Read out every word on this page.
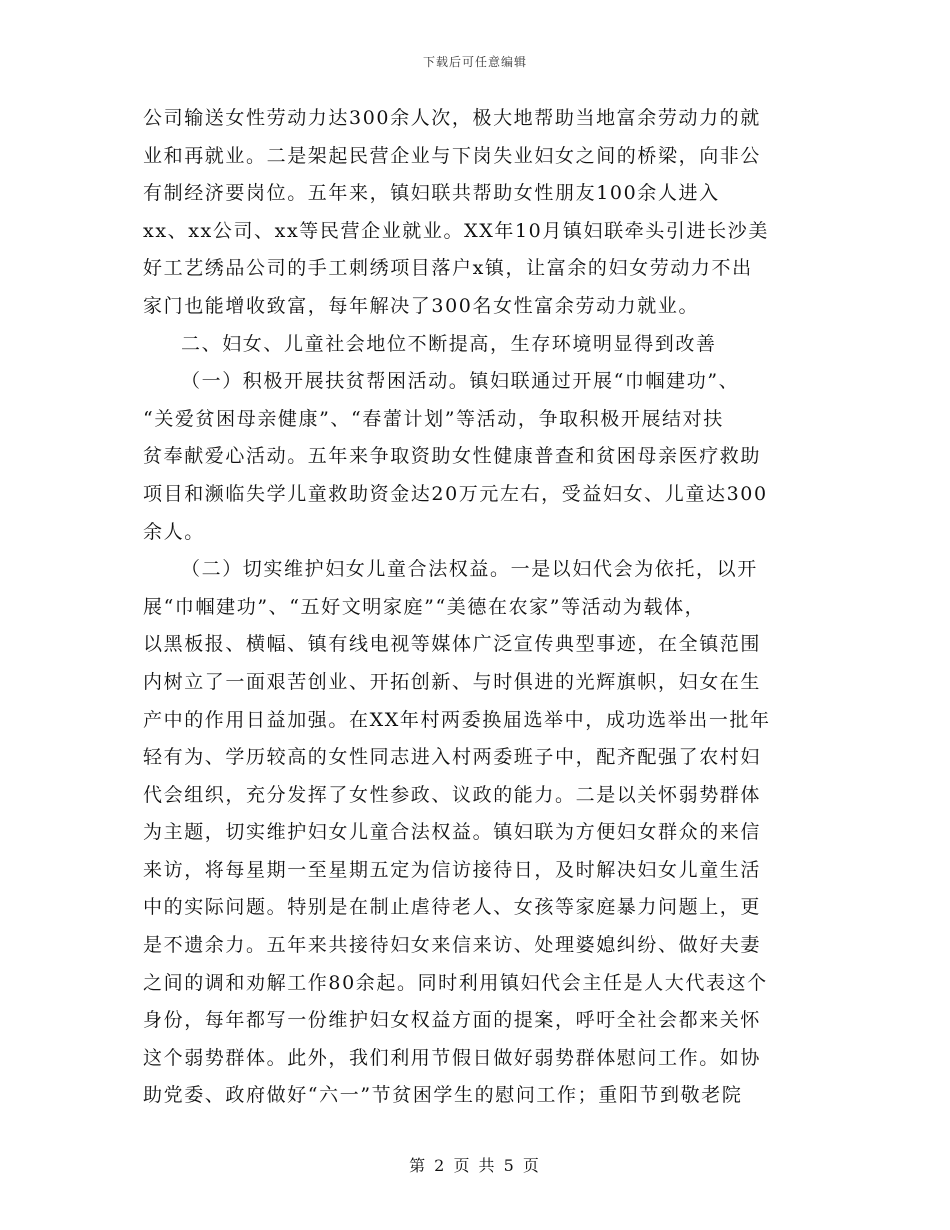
下载后可任意编辑
公司输送女性劳动力达300余人次，极大地帮助当地富余劳动力的就
业和再就业。二是架起民营企业与下岗失业妇女之间的桥梁，向非公
有制经济要岗位。五年来，镇妇联共帮助女性朋友100余人进入
xx、xx公司、xx等民营企业就业。XX年10月镇妇联牵头引进长沙美
好工艺绣品公司的手工刺绣项目落户x镇，让富余的妇女劳动力不出
家门也能增收致富，每年解决了300名女性富余劳动力就业。
二、妇女、儿童社会地位不断提高，生存环境明显得到改善
（一）积极开展扶贫帮困活动。镇妇联通过开展“巾帼建功”、
“关爱贫困母亲健康”、“春蕾计划”等活动，争取积极开展结对扶
贫奉献爱心活动。五年来争取资助女性健康普查和贫困母亲医疗救助
项目和濒临失学儿童救助资金达20万元左右，受益妇女、儿童达300
余人。
（二）切实维护妇女儿童合法权益。一是以妇代会为依托，以开
展“巾帼建功”、“五好文明家庭”“美德在农家”等活动为载体，
以黑板报、横幅、镇有线电视等媒体广泛宣传典型事迹，在全镇范围
内树立了一面艰苦创业、开拓创新、与时俱进的光辉旗帜，妇女在生
产中的作用日益加强。在XX年村两委换届选举中，成功选举出一批年
轻有为、学历较高的女性同志进入村两委班子中，配齐配强了农村妇
代会组织，充分发挥了女性参政、议政的能力。二是以关怀弱势群体
为主题，切实维护妇女儿童合法权益。镇妇联为方便妇女群众的来信
来访，将每星期一至星期五定为信访接待日，及时解决妇女儿童生活
中的实际问题。特别是在制止虐待老人、女孩等家庭暴力问题上，更
是不遗余力。五年来共接待妇女来信来访、处理婆媳纠纷、做好夫妻
之间的调和劝解工作80余起。同时利用镇妇代会主任是人大代表这个
身份，每年都写一份维护妇女权益方面的提案，呼吁全社会都来关怀
这个弱势群体。此外，我们利用节假日做好弱势群体慰问工作。如协
助党委、政府做好“六一”节贫困学生的慰问工作；重阳节到敬老院
第 2 页 共 5 页
